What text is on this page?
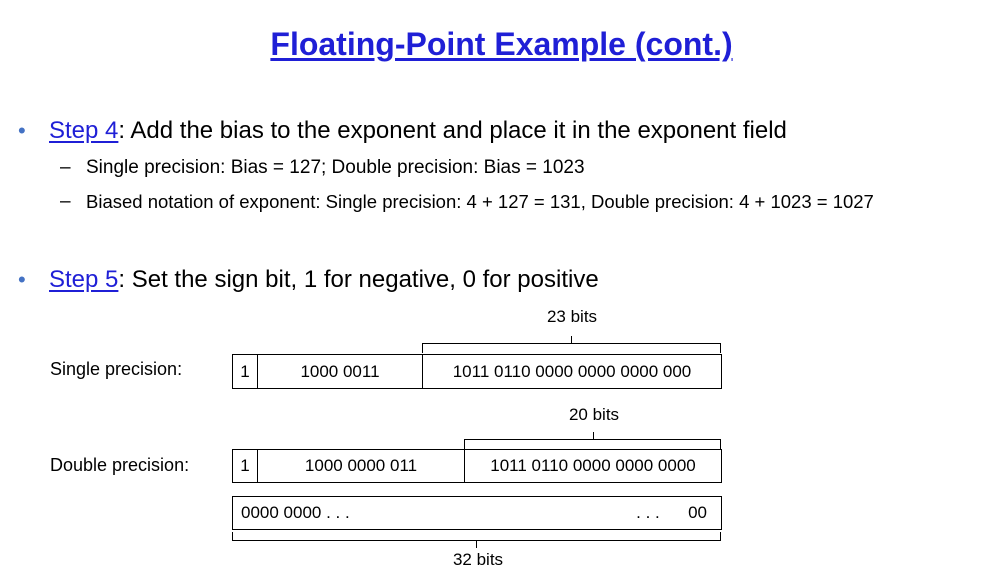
Floating-Point Example (cont.)
• Step 4: Add the bias to the exponent and place it in the exponent field
– Single precision: Bias = 127; Double precision: Bias = 1023
– Biased notation of exponent: Single precision: 4 + 127 = 131, Double precision: 4 + 1023 = 1027
• Step 5: Set the sign bit, 1 for negative, 0 for positive
Single precision:
23 bits
1	1000 0011	1011 0110 0000 0000 0000 000
Double precision:
20 bits
1	1000 0000 011	1011 0110 0000 0000 0000
0000 0000 . . .	. . .      00
32 bits
